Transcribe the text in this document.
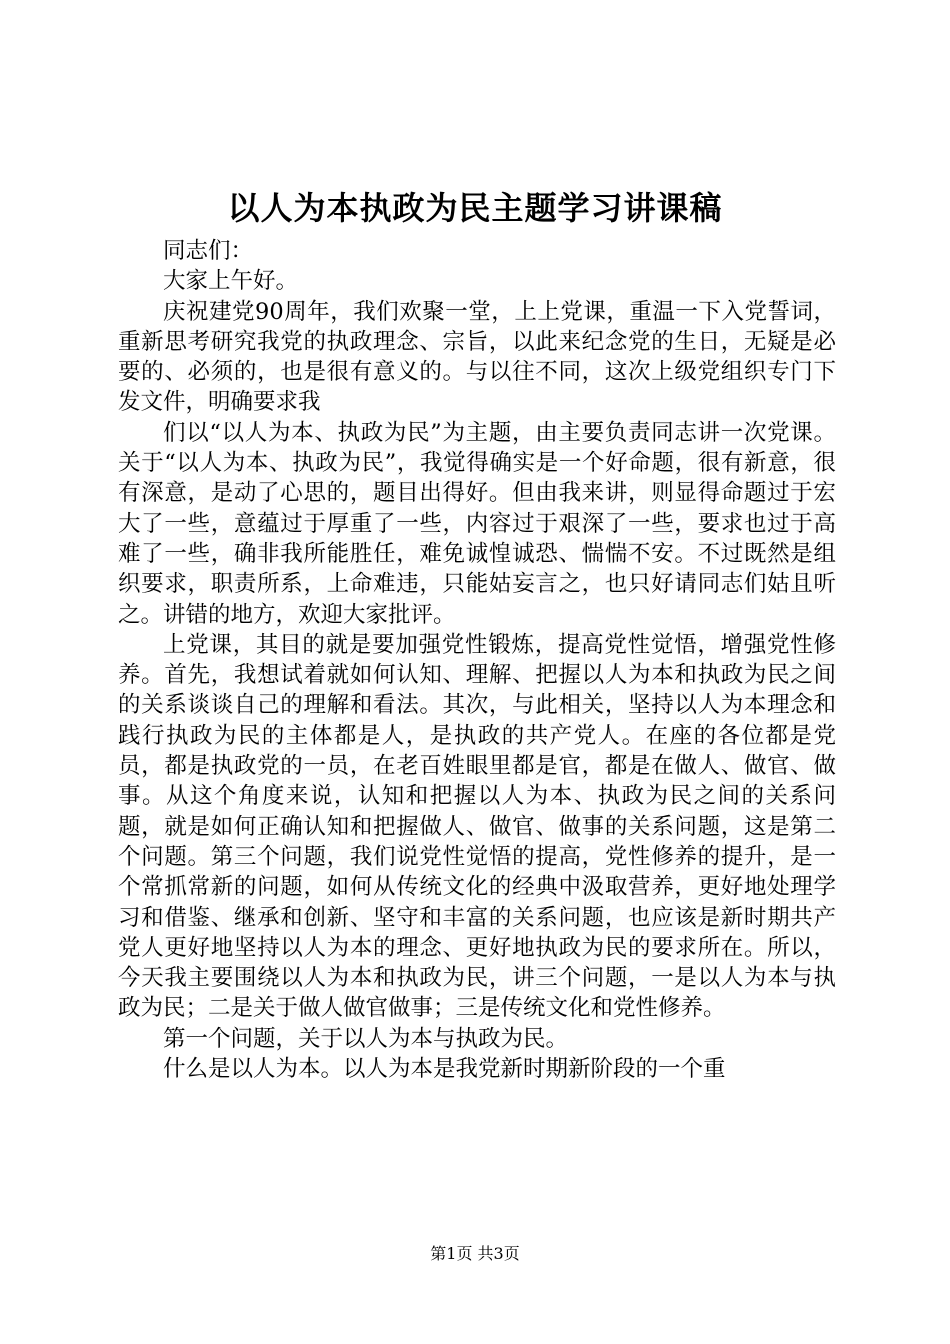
以人为本执政为民主题学习讲课稿

同志们：

大家上午好。

庆祝建党90周年，我们欢聚一堂，上上党课，重温一下入党誓词，重新思考研究我党的执政理念、宗旨，以此来纪念党的生日，无疑是必要的、必须的，也是很有意义的。与以往不同，这次上级党组织专门下发文件，明确要求我

们以“以人为本、执政为民”为主题，由主要负责同志讲一次党课。关于“以人为本、执政为民”，我觉得确实是一个好命题，很有新意，很有深意，是动了心思的，题目出得好。但由我来讲，则显得命题过于宏大了一些，意蕴过于厚重了一些，内容过于艰深了一些，要求也过于高难了一些，确非我所能胜任，难免诚惶诚恐、惴惴不安。不过既然是组织要求，职责所系，上命难违，只能姑妄言之，也只好请同志们姑且听之。讲错的地方，欢迎大家批评。

上党课，其目的就是要加强党性锻炼，提高党性觉悟，增强党性修养。首先，我想试着就如何认知、理解、把握以人为本和执政为民之间的关系谈谈自己的理解和看法。其次，与此相关，坚持以人为本理念和践行执政为民的主体都是人，是执政的共产党人。在座的各位都是党员，都是执政党的一员，在老百姓眼里都是官，都是在做人、做官、做事。从这个角度来说，认知和把握以人为本、执政为民之间的关系问题，就是如何正确认知和把握做人、做官、做事的关系问题，这是第二个问题。第三个问题，我们说党性觉悟的提高，党性修养的提升，是一个常抓常新的问题，如何从传统文化的经典中汲取营养，更好地处理学习和借鉴、继承和创新、坚守和丰富的关系问题，也应该是新时期共产党人更好地坚持以人为本的理念、更好地执政为民的要求所在。所以，今天我主要围绕以人为本和执政为民，讲三个问题，一是以人为本与执政为民；二是关于做人做官做事；三是传统文化和党性修养。

第一个问题，关于以人为本与执政为民。

什么是以人为本。以人为本是我党新时期新阶段的一个重

第1页 共3页
